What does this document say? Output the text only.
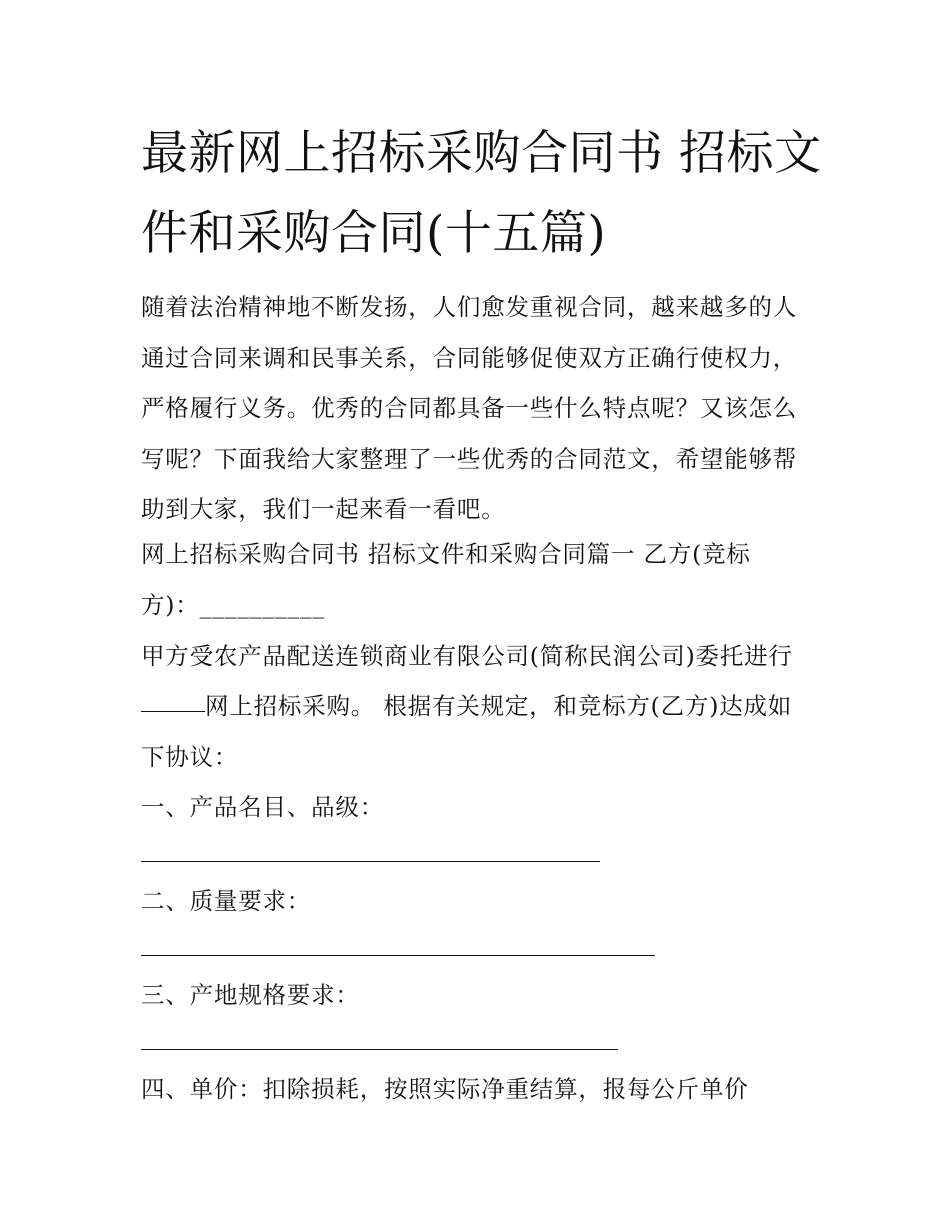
最新网上招标采购合同书 招标文件和采购合同(十五篇)

随着法治精神地不断发扬，人们愈发重视合同，越来越多的人通过合同来调和民事关系，合同能够促使双方正确行使权力，严格履行义务。优秀的合同都具备一些什么特点呢？又该怎么写呢？下面我给大家整理了一些优秀的合同范文，希望能够帮助到大家，我们一起来看一看吧。

网上招标采购合同书 招标文件和采购合同篇一 乙方(竞标方)：__________

甲方受农产品配送连锁商业有限公司(简称民润公司)委托进行

网上招标采购。 根据有关规定，和竞标方(乙方)达成如

下协议：

一、产品名目、品级：

二、质量要求：

三、产地规格要求：

四、单价：扣除损耗，按照实际净重结算，报每公斤单价
